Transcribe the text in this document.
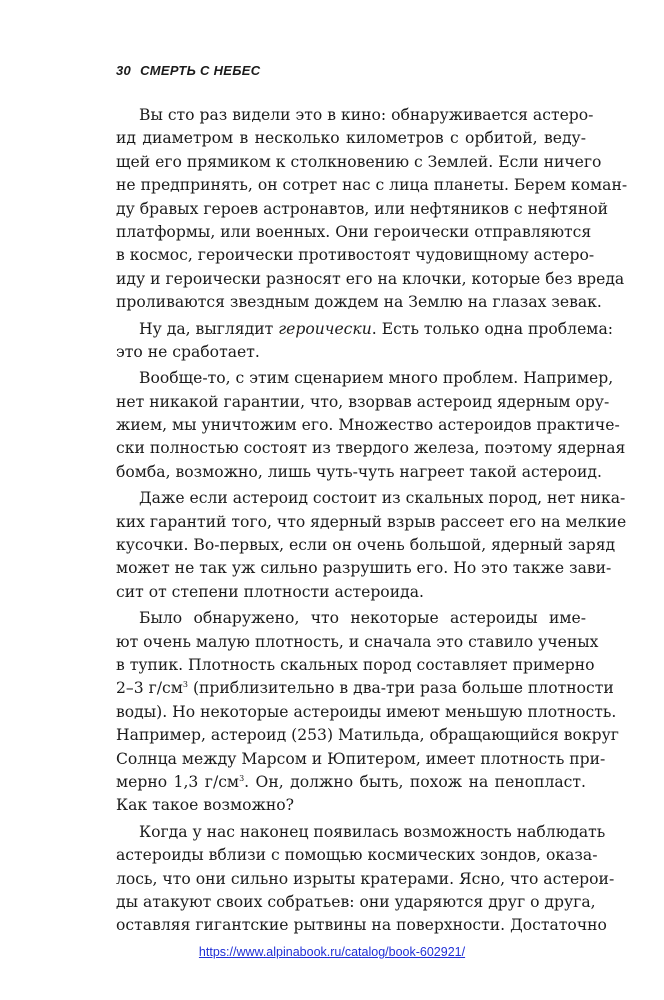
30 СМЕРТЬ С НЕБЕС
Вы сто раз видели это в кино: обнаруживается астеро-
ид диаметром в несколько километров с орбитой, веду-
щей его прямиком к столкновению с Землей. Если ничего
не предпринять, он сотрет нас с лица планеты. Берем коман-
ду бравых героев астронавтов, или нефтяников с нефтяной
платформы, или военных. Они героически отправляются
в космос, героически противостоят чудовищному астеро-
иду и героически разносят его на клочки, которые без вреда
проливаются звездным дождем на Землю на глазах зевак.
Ну да, выглядит героически. Есть только одна проблема:
это не сработает.
Вообще-то, с этим сценарием много проблем. Например,
нет никакой гарантии, что, взорвав астероид ядерным ору-
жием, мы уничтожим его. Множество астероидов практиче-
ски полностью состоят из твердого железа, поэтому ядерная
бомба, возможно, лишь чуть-чуть нагреет такой астероид.
Даже если астероид состоит из скальных пород, нет ника-
ких гарантий того, что ядерный взрыв рассеет его на мелкие
кусочки. Во-первых, если он очень большой, ядерный заряд
может не так уж сильно разрушить его. Но это также зави-
сит от степени плотности астероида.
Было обнаружено, что некоторые астероиды име-
ют очень малую плотность, и сначала это ставило ученых
в тупик. Плотность скальных пород составляет примерно
2–3 $г/см^3$ (приблизительно в два-три раза больше плотности
воды). Но некоторые астероиды имеют меньшую плотность.
Например, астероид (253) Матильда, обращающийся вокруг
Солнца между Марсом и Юпитером, имеет плотность при-
мерно 1,3 $г/см^3$. Он, должно быть, похож на пенопласт.
Как такое возможно?
Когда у нас наконец появилась возможность наблюдать
астероиды вблизи с помощью космических зондов, оказа-
лось, что они сильно изрыты кратерами. Ясно, что астерои-
ды атакуют своих собратьев: они ударяются друг о друга,
оставляя гигантские рытвины на поверхности. Достаточно
https://www.alpinabook.ru/catalog/book-602921/
